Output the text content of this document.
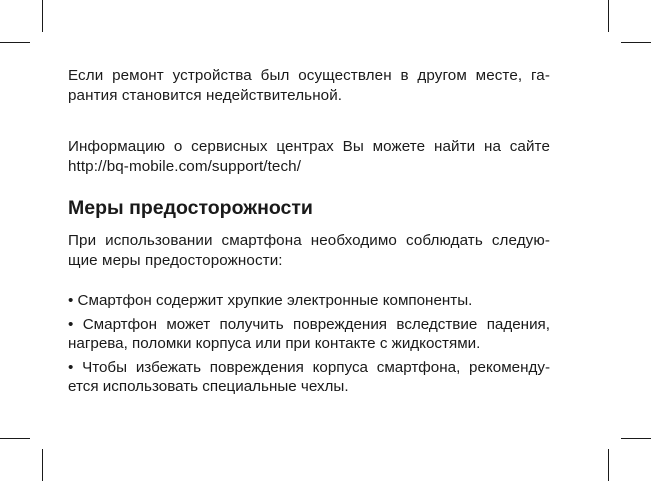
Если ремонт устройства был осуществлен в другом месте, га-рантия становится недействительной.

Информацию о сервисных центрах Вы можете найти на сайте http://bq-mobile.com/support/tech/

Меры предосторожности

При использовании смартфона необходимо соблюдать следую-щие меры предосторожности:

• Смартфон содержит хрупкие электронные компоненты.

• Смартфон может получить повреждения вследствие падения, нагрева, поломки корпуса или при контакте с жидкостями.

• Чтобы избежать повреждения корпуса смартфона, рекоменду-ется использовать специальные чехлы.
